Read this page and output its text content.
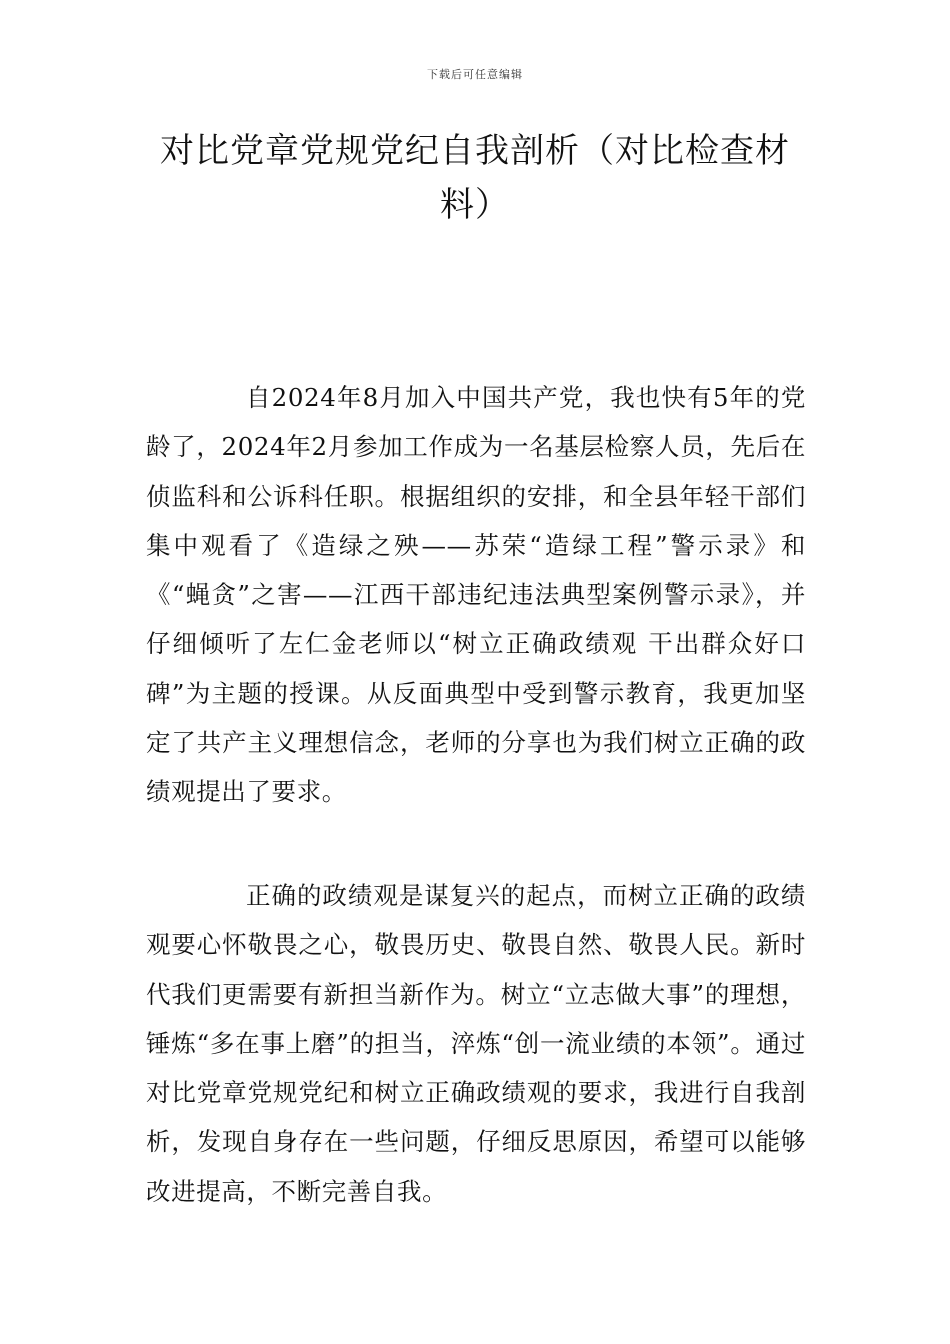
下载后可任意编辑
对比党章党规党纪自我剖析（对比检查材料）

自2024年8月加入中国共产党，我也快有5年的党龄了，2024年2月参加工作成为一名基层检察人员，先后在侦监科和公诉科任职。根据组织的安排，和全县年轻干部们集中观看了《造绿之殃——苏荣“造绿工程”警示录》和《“蝇贪”之害——江西干部违纪违法典型案例警示录》，并仔细倾听了左仁金老师以“树立正确政绩观 干出群众好口碑”为主题的授课。从反面典型中受到警示教育，我更加坚定了共产主义理想信念，老师的分享也为我们树立正确的政绩观提出了要求。

正确的政绩观是谋复兴的起点，而树立正确的政绩观要心怀敬畏之心，敬畏历史、敬畏自然、敬畏人民。新时代我们更需要有新担当新作为。树立“立志做大事”的理想，锤炼“多在事上磨”的担当，淬炼“创一流业绩的本领”。通过对比党章党规党纪和树立正确政绩观的要求，我进行自我剖析，发现自身存在一些问题，仔细反思原因，希望可以能够改进提高，不断完善自我。
